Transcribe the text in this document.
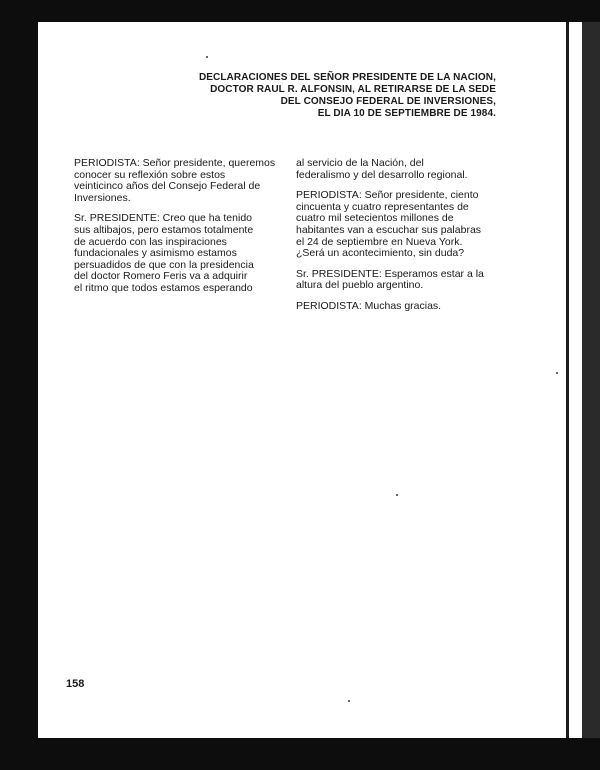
DECLARACIONES DEL SEÑOR PRESIDENTE DE LA NACION,
DOCTOR RAUL R. ALFONSIN, AL RETIRARSE DE LA SEDE
DEL CONSEJO FEDERAL DE INVERSIONES,
EL DIA 10 DE SEPTIEMBRE DE 1984.

PERIODISTA: Señor presidente, queremos
conocer su reflexión sobre estos
veinticinco años del Consejo Federal de
Inversiones.

Sr. PRESIDENTE: Creo que ha tenido
sus altibajos, pero estamos totalmente
de acuerdo con las inspiraciones
fundacionales y asimismo estamos
persuadidos de que con la presidencia
del doctor Romero Feris va a adquirir
el ritmo que todos estamos esperando

al servicio de la Nación, del
federalismo y del desarrollo regional.

PERIODISTA: Señor presidente, ciento
cincuenta y cuatro representantes de
cuatro mil setecientos millones de
habitantes van a escuchar sus palabras
el 24 de septiembre en Nueva York.
¿Será un acontecimiento, sin duda?

Sr. PRESIDENTE: Esperamos estar a la
altura del pueblo argentino.

PERIODISTA: Muchas gracias.

158
